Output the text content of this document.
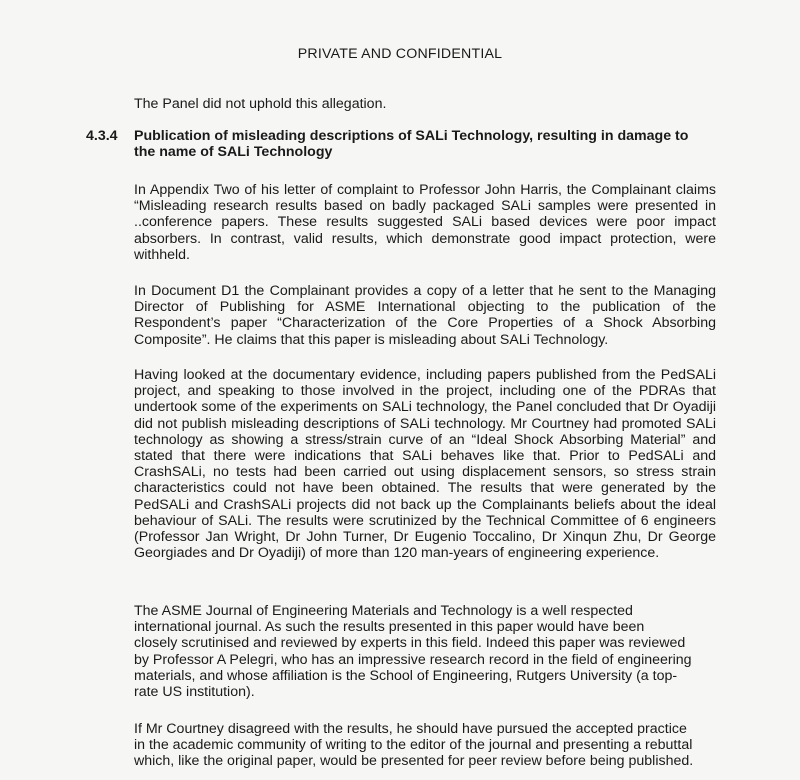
PRIVATE AND CONFIDENTIAL

The Panel did not uphold this allegation.

4.3.4 Publication of misleading descriptions of SALi Technology, resulting in damage to
the name of SALi Technology

In Appendix Two of his letter of complaint to Professor John Harris, the Complainant claims “Misleading research results based on badly packaged SALi samples were presented in ..conference papers. These results suggested SALi based devices were poor impact absorbers. In contrast, valid results, which demonstrate good impact protection, were withheld.

In Document D1 the Complainant provides a copy of a letter that he sent to the Managing Director of Publishing for ASME International objecting to the publication of the Respondent’s paper “Characterization of the Core Properties of a Shock Absorbing Composite”. He claims that this paper is misleading about SALi Technology.

Having looked at the documentary evidence, including papers published from the PedSALi project, and speaking to those involved in the project, including one of the PDRAs that undertook some of the experiments on SALi technology, the Panel concluded that Dr Oyadiji did not publish misleading descriptions of SALi technology. Mr Courtney had promoted SALi technology as showing a stress/strain curve of an “Ideal Shock Absorbing Material” and stated that there were indications that SALi behaves like that. Prior to PedSALi and CrashSALi, no tests had been carried out using displacement sensors, so stress strain characteristics could not have been obtained. The results that were generated by the PedSALi and CrashSALi projects did not back up the Complainants beliefs about the ideal behaviour of SALi. The results were scrutinized by the Technical Committee of 6 engineers (Professor Jan Wright, Dr John Turner, Dr Eugenio Toccalino, Dr Xinqun Zhu, Dr George Georgiades and Dr Oyadiji) of more than 120 man-years of engineering experience.

The ASME Journal of Engineering Materials and Technology is a well respected
international journal. As such the results presented in this paper would have been
closely scrutinised and reviewed by experts in this field. Indeed this paper was reviewed
by Professor A Pelegri, who has an impressive research record in the field of engineering
materials, and whose affiliation is the School of Engineering, Rutgers University (a top-
rate US institution).

If Mr Courtney disagreed with the results, he should have pursued the accepted practice
in the academic community of writing to the editor of the journal and presenting a rebuttal
which, like the original paper, would be presented for peer review before being published.
